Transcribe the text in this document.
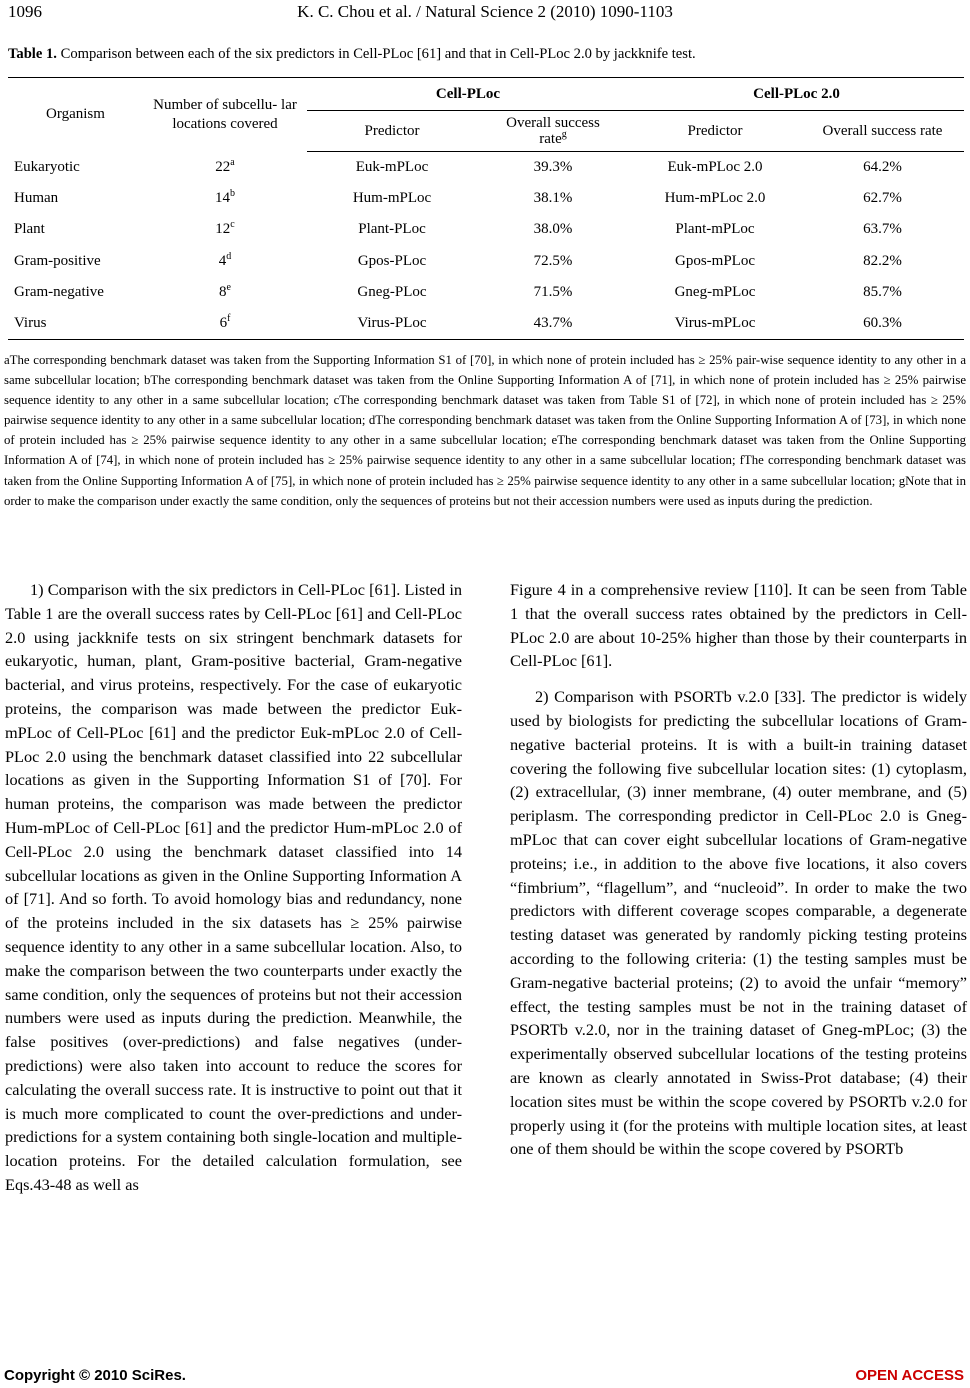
1096	K. C. Chou et al. / Natural Science 2 (2010) 1090-1103
Table 1. Comparison between each of the six predictors in Cell-PLoc [61] and that in Cell-PLoc 2.0 by jackknife test.
Organism	Number of subcellu- lar locations covered	Cell-PLoc		Cell-PLoc 2.0	
		Predictor	Overall success rate$^g$	Predictor	Overall success rate
Eukaryotic	22$^a$	Euk-mPLoc	39.3%	Euk-mPLoc 2.0	64.2%
Human	14$^b$	Hum-mPLoc	38.1%	Hum-mPLoc 2.0	62.7%
Plant	12$^c$	Plant-PLoc	38.0%	Plant-mPLoc	63.7%
Gram-positive	4$^d$	Gpos-PLoc	72.5%	Gpos-mPLoc	82.2%
Gram-negative	8e	Gneg-PLoc	71.5%	Gneg-mPLoc	85.7%
Virus	6$^f$	Virus-PLoc	43.7%	Virus-mPLoc	60.3%
aThe corresponding benchmark dataset was taken from the Supporting Information S1 of [70], in which none of protein included has ≥ 25% pair-wise sequence identity to any other in a same subcellular location; bThe corresponding benchmark dataset was taken from the Online Supporting Information A of [71], in which none of protein included has ≥ 25% pairwise sequence identity to any other in a same subcellular location; cThe corresponding benchmark dataset was taken from Table S1 of [72], in which none of protein included has ≥ 25% pairwise sequence identity to any other in a same subcellular location; dThe corresponding benchmark dataset was taken from the Online Supporting Information A of [73], in which none of protein included has ≥ 25% pairwise sequence identity to any other in a same subcellular location; eThe corresponding benchmark dataset was taken from the Online Supporting Information A of [74], in which none of protein included has ≥ 25% pairwise sequence identity to any other in a same subcellular location; fThe corresponding benchmark dataset was taken from the Online Supporting Information A of [75], in which none of protein included has ≥ 25% pairwise sequence identity to any other in a same subcellular location; gNote that in order to make the comparison under exactly the same condition, only the sequences of proteins but not their accession numbers were used as inputs during the prediction.

1) Comparison with the six predictors in Cell-PLoc [61]. Listed in Table 1 are the overall success rates by Cell-PLoc [61] and Cell-PLoc 2.0 using jackknife tests on six stringent benchmark datasets for eukaryotic, human, plant, Gram-positive bacterial, Gram-negative bacterial, and virus proteins, respectively. For the case of eukaryotic proteins, the comparison was made between the predictor Euk-mPLoc of Cell-PLoc [61] and the predictor Euk-mPLoc 2.0 of Cell-PLoc 2.0 using the benchmark dataset classified into 22 subcellular locations as given in the Supporting Information S1 of [70]. For human proteins, the comparison was made between the predictor Hum-mPLoc of Cell-PLoc [61] and the predictor Hum-mPLoc 2.0 of Cell-PLoc 2.0 using the benchmark dataset classified into 14 subcellular locations as given in the Online Supporting Information A of [71]. And so forth. To avoid homology bias and redundancy, none of the proteins included in the six datasets has ≥ 25% pairwise sequence identity to any other in a same subcellular location. Also, to make the comparison between the two counterparts under exactly the same condition, only the sequences of proteins but not their accession numbers were used as inputs during the prediction. Meanwhile, the false positives (over-predictions) and false negatives (under-predictions) were also taken into account to reduce the scores for calculating the overall success rate. It is instructive to point out that it is much more complicated to count the over-predictions and under-predictions for a system containing both single-location and multiple-location proteins. For the detailed calculation formulation, see Eqs.43-48 as well as

Figure 4 in a comprehensive review [110]. It can be seen from Table 1 that the overall success rates obtained by the predictors in Cell-PLoc 2.0 are about 10-25% higher than those by their counterparts in Cell-PLoc [61].

2) Comparison with PSORTb v.2.0 [33]. The predictor is widely used by biologists for predicting the subcellular locations of Gram-negative bacterial proteins. It is with a built-in training dataset covering the following five subcellular location sites: (1) cytoplasm, (2) extracellular, (3) inner membrane, (4) outer membrane, and (5) periplasm. The corresponding predictor in Cell-PLoc 2.0 is Gneg-mPLoc that can cover eight subcellular locations of Gram-negative proteins; i.e., in addition to the above five locations, it also covers “fimbrium”, “flagellum”, and “nucleoid”. In order to make the two predictors with different coverage scopes comparable, a degenerate testing dataset was generated by randomly picking testing proteins according to the following criteria: (1) the testing samples must be Gram-negative bacterial proteins; (2) to avoid the unfair “memory” effect, the testing samples must be not in the training dataset of PSORTb v.2.0, nor in the training dataset of Gneg-mPLoc; (3) the experimentally observed subcellular locations of the testing proteins are known as clearly annotated in Swiss-Prot database; (4) their location sites must be within the scope covered by PSORTb v.2.0 for properly using it (for the proteins with multiple location sites, at least one of them should be within the scope covered by PSORTb

Copyright © 2010 SciRes.	OPEN ACCESS
